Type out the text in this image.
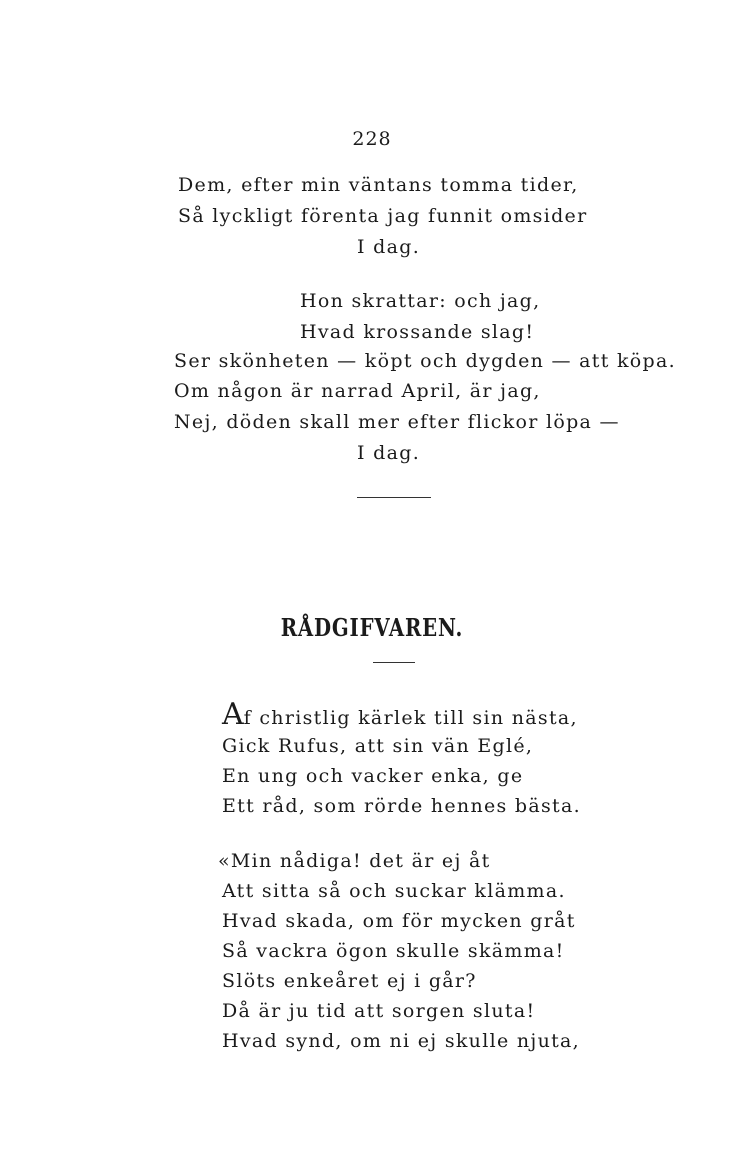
228
Dem, efter min väntans tomma tider,
Så lyckligt förenta jag funnit omsider
I dag.
Hon skrattar: och jag,
Hvad krossande slag!
Ser skönheten — köpt och dygden — att köpa.
Om någon är narrad April, är jag,
Nej, döden skall mer efter flickor löpa —
I dag.
RÅDGIFVAREN.
Af christlig kärlek till sin nästa,
Gick Rufus, att sin vän Eglé,
En ung och vacker enka, ge
Ett råd, som rörde hennes bästa.
«Min nådiga! det är ej åt
Att sitta så och suckar klämma.
Hvad skada, om för mycken gråt
Så vackra ögon skulle skämma!
Slöts enkeåret ej i går?
Då är ju tid att sorgen sluta!
Hvad synd, om ni ej skulle njuta,
